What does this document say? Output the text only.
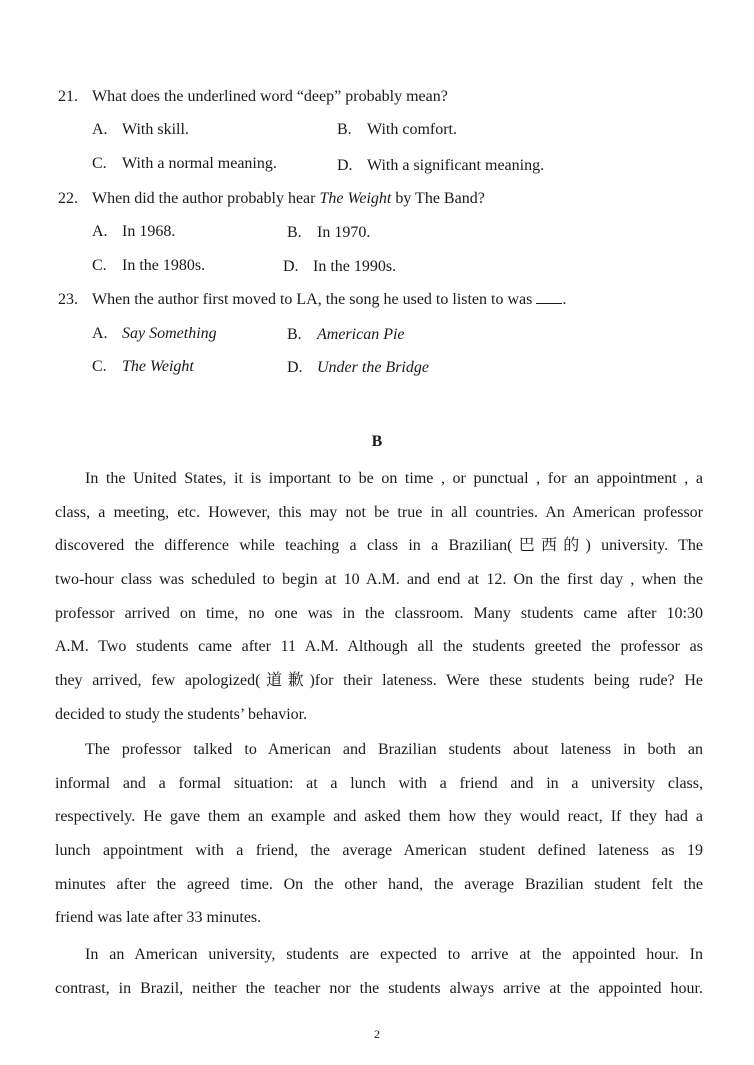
21. What does the underlined word “deep” probably mean?
A. With skill.	B. With comfort.
C. With a normal meaning.	D. With a significant meaning.
22. When did the author probably hear The Weight by The Band?
A. In 1968.	B. In 1970.
C. In the 1980s.	D. In the 1990s.
23. When the author first moved to LA, the song he used to listen to was .
A. Say Something	B. American Pie
C. The Weight	D. Under the Bridge
B
In the United States, it is important to be on time , or punctual , for an appointment , a
class, a meeting, etc. However, this may not be true in all countries. An American professor
discovered the difference while teaching a class in a Brazilian(巴西的) university. The
two-hour class was scheduled to begin at 10 A.M. and end at 12. On the first day , when the
professor arrived on time, no one was in the classroom. Many students came after 10:30
A.M. Two students came after 11 A.M. Although all the students greeted the professor as
they arrived, few apologized(道歉)for their lateness. Were these students being rude? He
decided to study the students’ behavior.
The professor talked to American and Brazilian students about lateness in both an
informal and a formal situation: at a lunch with a friend and in a university class,
respectively. He gave them an example and asked them how they would react, If they had a
lunch appointment with a friend, the average American student defined lateness as 19
minutes after the agreed time. On the other hand, the average Brazilian student felt the
friend was late after 33 minutes.
In an American university, students are expected to arrive at the appointed hour. In
contrast, in Brazil, neither the teacher nor the students always arrive at the appointed hour.
2
